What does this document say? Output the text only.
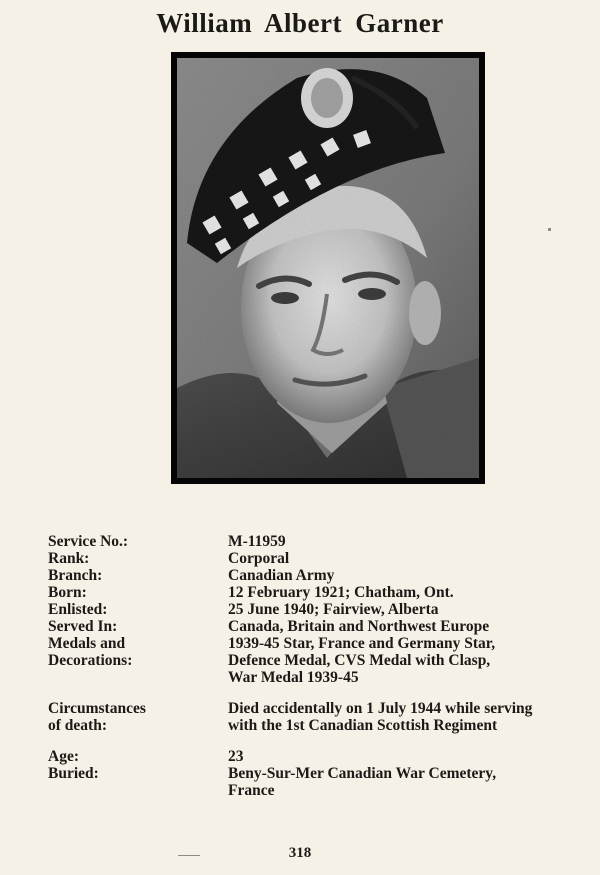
William Albert Garner

Service No.:	M-11959
Rank:	Corporal
Branch:	Canadian Army
Born:	12 February 1921; Chatham, Ont.
Enlisted:	25 June 1940; Fairview, Alberta
Served In:	Canada, Britain and Northwest Europe
Medals and
Decorations:
1939-45 Star, France and Germany Star,
Defence Medal, CVS Medal with Clasp,
War Medal 1939-45
Circumstances
of death:
Died accidentally on 1 July 1944 while serving
with the 1st Canadian Scottish Regiment
Age:	23
Buried:	Beny-Sur-Mer Canadian War Cemetery,
France
318
